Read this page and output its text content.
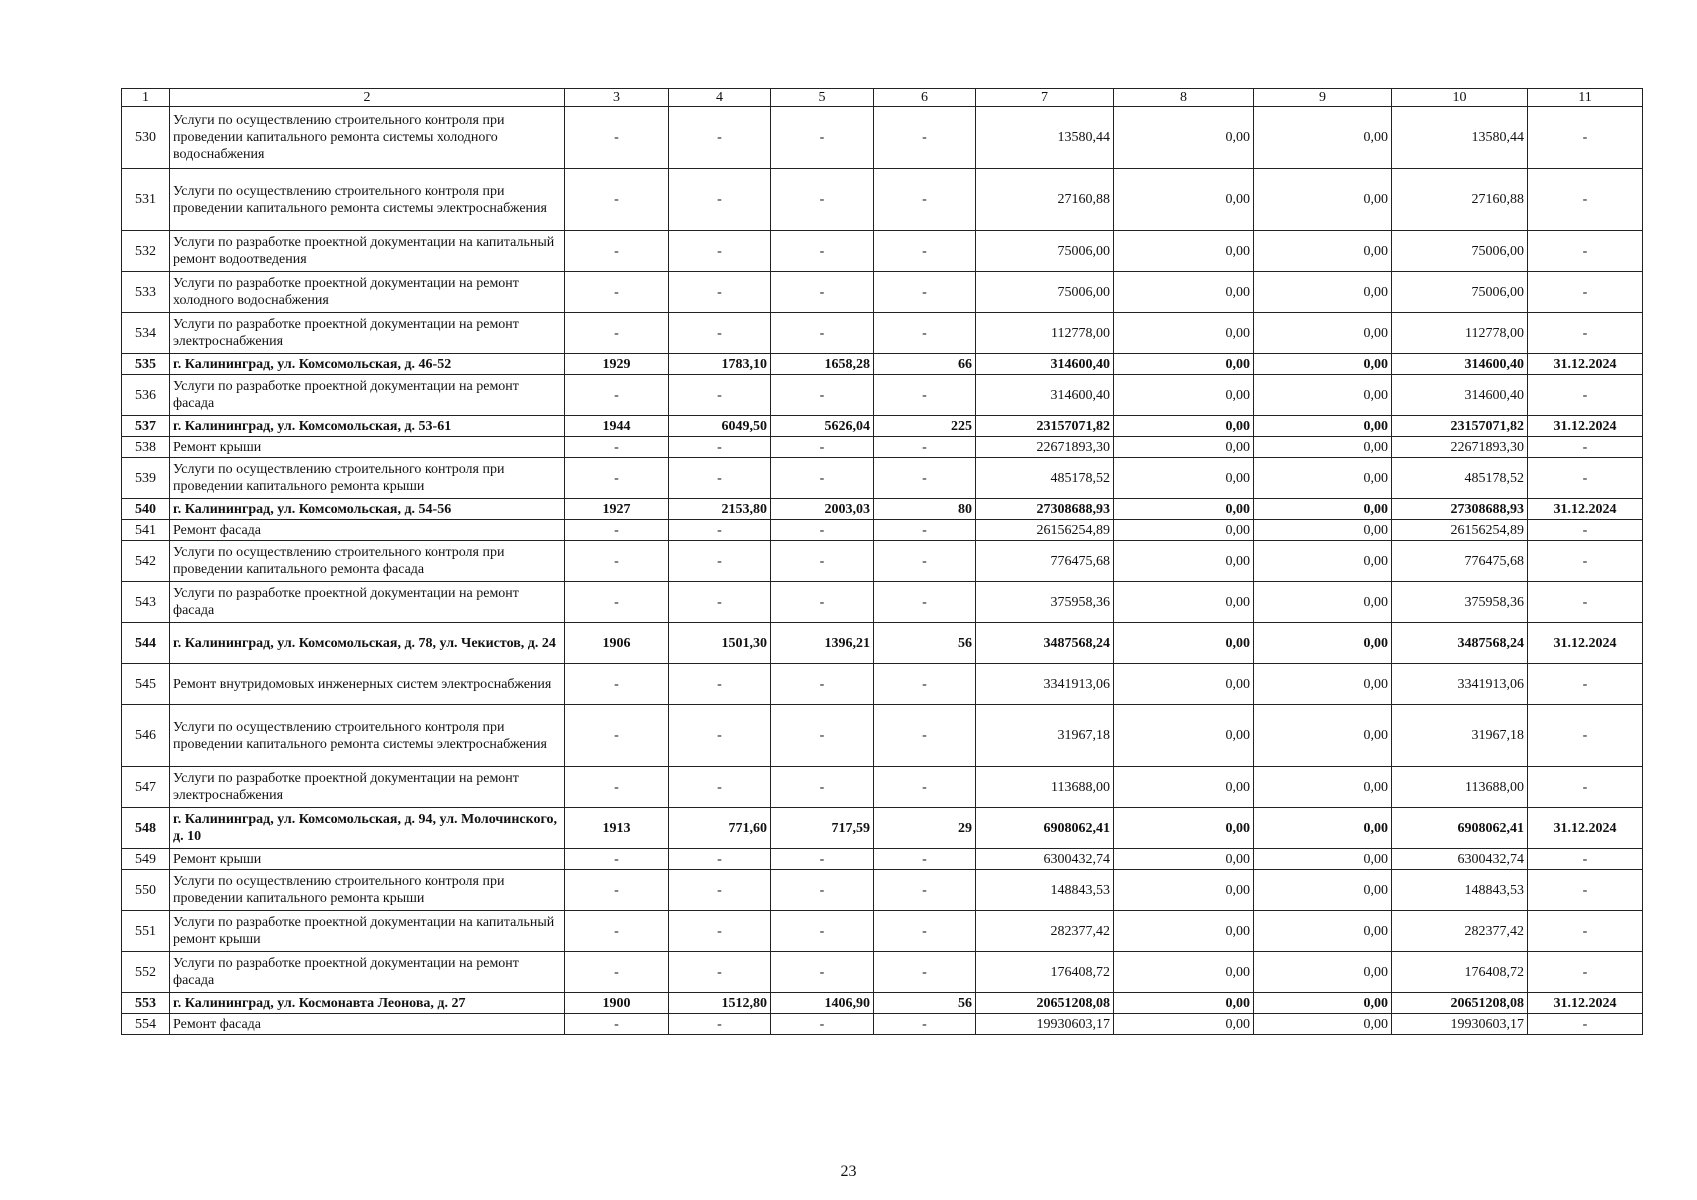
1	2	3	4	5	6	7	8	9	10	11
530	Услуги по осуществлению строительного контроля при проведении капитального ремонта системы холодного водоснабжения	-	-	-	-	13580,44	0,00	0,00	13580,44	-
531	Услуги по осуществлению строительного контроля при проведении капитального ремонта системы электроснабжения	-	-	-	-	27160,88	0,00	0,00	27160,88	-
532	Услуги по разработке проектной документации на капитальный ремонт водоотведения	-	-	-	-	75006,00	0,00	0,00	75006,00	-
533	Услуги по разработке проектной документации на ремонт холодного водоснабжения	-	-	-	-	75006,00	0,00	0,00	75006,00	-
534	Услуги по разработке проектной документации на ремонт электроснабжения	-	-	-	-	112778,00	0,00	0,00	112778,00	-
535	г. Калининград, ул. Комсомольская, д. 46-52	1929	1783,10	1658,28	66	314600,40	0,00	0,00	314600,40	31.12.2024
536	Услуги по разработке проектной документации на ремонт фасада	-	-	-	-	314600,40	0,00	0,00	314600,40	-
537	г. Калининград, ул. Комсомольская, д. 53-61	1944	6049,50	5626,04	225	23157071,82	0,00	0,00	23157071,82	31.12.2024
538	Ремонт крыши	-	-	-	-	22671893,30	0,00	0,00	22671893,30	-
539	Услуги по осуществлению строительного контроля при проведении капитального ремонта крыши	-	-	-	-	485178,52	0,00	0,00	485178,52	-
540	г. Калининград, ул. Комсомольская, д. 54-56	1927	2153,80	2003,03	80	27308688,93	0,00	0,00	27308688,93	31.12.2024
541	Ремонт фасада	-	-	-	-	26156254,89	0,00	0,00	26156254,89	-
542	Услуги по осуществлению строительного контроля при проведении капитального ремонта фасада	-	-	-	-	776475,68	0,00	0,00	776475,68	-
543	Услуги по разработке проектной документации на ремонт фасада	-	-	-	-	375958,36	0,00	0,00	375958,36	-
544	г. Калининград, ул. Комсомольская, д. 78, ул. Чекистов, д. 24	1906	1501,30	1396,21	56	3487568,24	0,00	0,00	3487568,24	31.12.2024
545	Ремонт внутридомовых инженерных систем электроснабжения	-	-	-	-	3341913,06	0,00	0,00	3341913,06	-
546	Услуги по осуществлению строительного контроля при проведении капитального ремонта системы электроснабжения	-	-	-	-	31967,18	0,00	0,00	31967,18	-
547	Услуги по разработке проектной документации на ремонт электроснабжения	-	-	-	-	113688,00	0,00	0,00	113688,00	-
548	г. Калининград, ул. Комсомольская, д. 94, ул. Молочинского, д. 10	1913	771,60	717,59	29	6908062,41	0,00	0,00	6908062,41	31.12.2024
549	Ремонт крыши	-	-	-	-	6300432,74	0,00	0,00	6300432,74	-
550	Услуги по осуществлению строительного контроля при проведении капитального ремонта крыши	-	-	-	-	148843,53	0,00	0,00	148843,53	-
551	Услуги по разработке проектной документации на капитальный ремонт крыши	-	-	-	-	282377,42	0,00	0,00	282377,42	-
552	Услуги по разработке проектной документации на ремонт фасада	-	-	-	-	176408,72	0,00	0,00	176408,72	-
553	г. Калининград, ул. Космонавта Леонова, д. 27	1900	1512,80	1406,90	56	20651208,08	0,00	0,00	20651208,08	31.12.2024
554	Ремонт фасада	-	-	-	-	19930603,17	0,00	0,00	19930603,17	-
23
